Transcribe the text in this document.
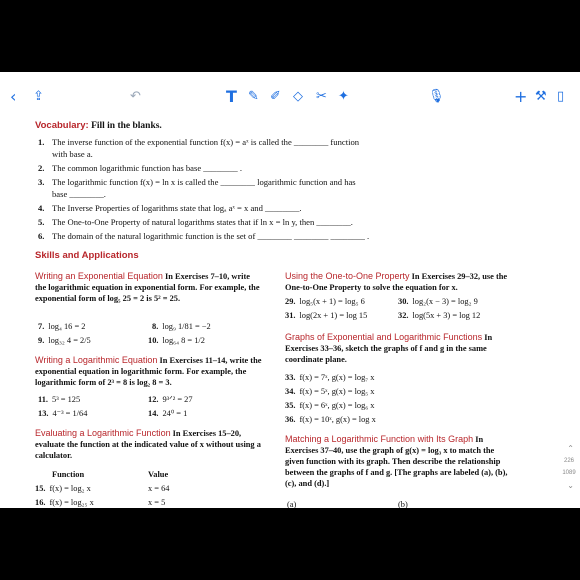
‹ ⇪	↶	T ✎ ✐ ◇ ✂ ✦	🎙	+ ⚒ ▯
Vocabulary: Fill in the blanks.
1. The inverse function of the exponential function f(x) = aˣ is called the ________ function
with base a.
2. The common logarithmic function has base ________ .
3. The logarithmic function f(x) = ln x is called the ________ logarithmic function and has
base ________.
4. The Inverse Properties of logarithms state that logₐ aˣ = x and ________.
5. The One-to-One Property of natural logarithms states that if ln x = ln y, then ________.
6. The domain of the natural logarithmic function is the set of ________ ________ ________ .
Skills and Applications
Writing an Exponential Equation In Exercises 7–10, write the logarithmic equation in exponential form. For example, the exponential form of log₅ 25 = 2 is 5² = 25.
7. log₄ 16 = 2	8. log₉ 1/81 = −2
9. log₃₂ 4 = 2/5	10. log₆₄ 8 = 1/2
Writing a Logarithmic Equation In Exercises 11–14, write the exponential equation in logarithmic form. For example, the logarithmic form of 2³ = 8 is log₂ 8 = 3.
11. 5³ = 125	12. 9³ᐟ² = 27
13. 4⁻³ = 1/64	14. 24⁰ = 1
Evaluating a Logarithmic Function In Exercises 15–20, evaluate the function at the indicated value of x without using a calculator.
Function	Value
15. f(x) = log₂ x	x = 64
16. f(x) = log₂₅ x	x = 5
Using the One-to-One Property In Exercises 29–32, use the One-to-One Property to solve the equation for x.
29. log₅(x + 1) = log₅ 6	30. log₂(x − 3) = log₂ 9
31. log(2x + 1) = log 15	32. log(5x + 3) = log 12
Graphs of Exponential and Logarithmic Functions In Exercises 33–36, sketch the graphs of f and g in the same coordinate plane.
33. f(x) = 7ˣ, g(x) = log₇ x
34. f(x) = 5ˣ, g(x) = log₅ x
35. f(x) = 6ˣ, g(x) = log₆ x
36. f(x) = 10ˣ, g(x) = log x
Matching a Logarithmic Function with Its Graph In Exercises 37–40, use the graph of g(x) = log₃ x to match the given function with its graph. Then describe the relationship between the graphs of f and g. [The graphs are labeled (a), (b), (c), and (d).]
(a)	(b)
⌃
226
1089
⌄
